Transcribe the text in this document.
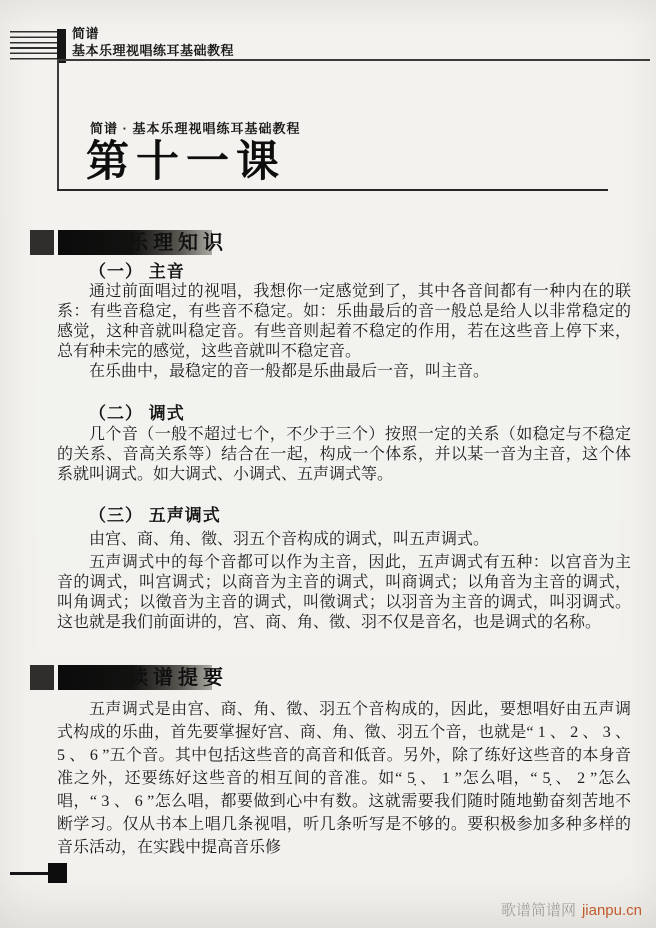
简谱
基本乐理视唱练耳基础教程
简谱 · 基本乐理视唱练耳基础教程
第十一课
乐理知识
（一） 主音

通过前面唱过的视唱，我想你一定感觉到了，其中各音间都有一种内在的联系：有些音稳定，有些音不稳定。如：乐曲最后的音一般总是给人以非常稳定的感觉，这种音就叫稳定音。有些音则起着不稳定的作用，若在这些音上停下来，总有种未完的感觉，这些音就叫不稳定音。

在乐曲中，最稳定的音一般都是乐曲最后一音，叫主音。

（二） 调式

几个音（一般不超过七个，不少于三个）按照一定的关系（如稳定与不稳定的关系、音高关系等）结合在一起，构成一个体系，并以某一音为主音，这个体系就叫调式。如大调式、小调式、五声调式等。

（三） 五声调式

由宫、商、角、徵、羽五个音构成的调式，叫五声调式。

五声调式中的每个音都可以作为主音，因此，五声调式有五种：以宫音为主音的调式，叫宫调式；以商音为主音的调式，叫商调式；以角音为主音的调式，叫角调式；以徵音为主音的调式，叫徵调式；以羽音为主音的调式，叫羽调式。这也就是我们前面讲的，宫、商、角、徵、羽不仅是音名，也是调式的名称。

读谱提要

五声调式是由宫、商、角、徵、羽五个音构成的，因此，要想唱好由五声调式构成的乐曲，首先要掌握好宫、商、角、徵、羽五个音，也就是“ 1 、 2 、 3 、 5 、 6 ”五个音。其中包括这些音的高音和低音。另外，除了练好这些音的本身音准之外，还要练好这些音的相互间的音准。如“ 5̣ 、 1 ”怎么唱，“ 5̣ 、 2 ”怎么唱，“ 3 、 6 ”怎么唱，都要做到心中有数。这就需要我们随时随地勤奋刻苦地不断学习。仅从书本上唱几条视唱，听几条听写是不够的。要积极参加多种多样的音乐活动，在实践中提高音乐修

歌谱简谱网 jianpu.cn
